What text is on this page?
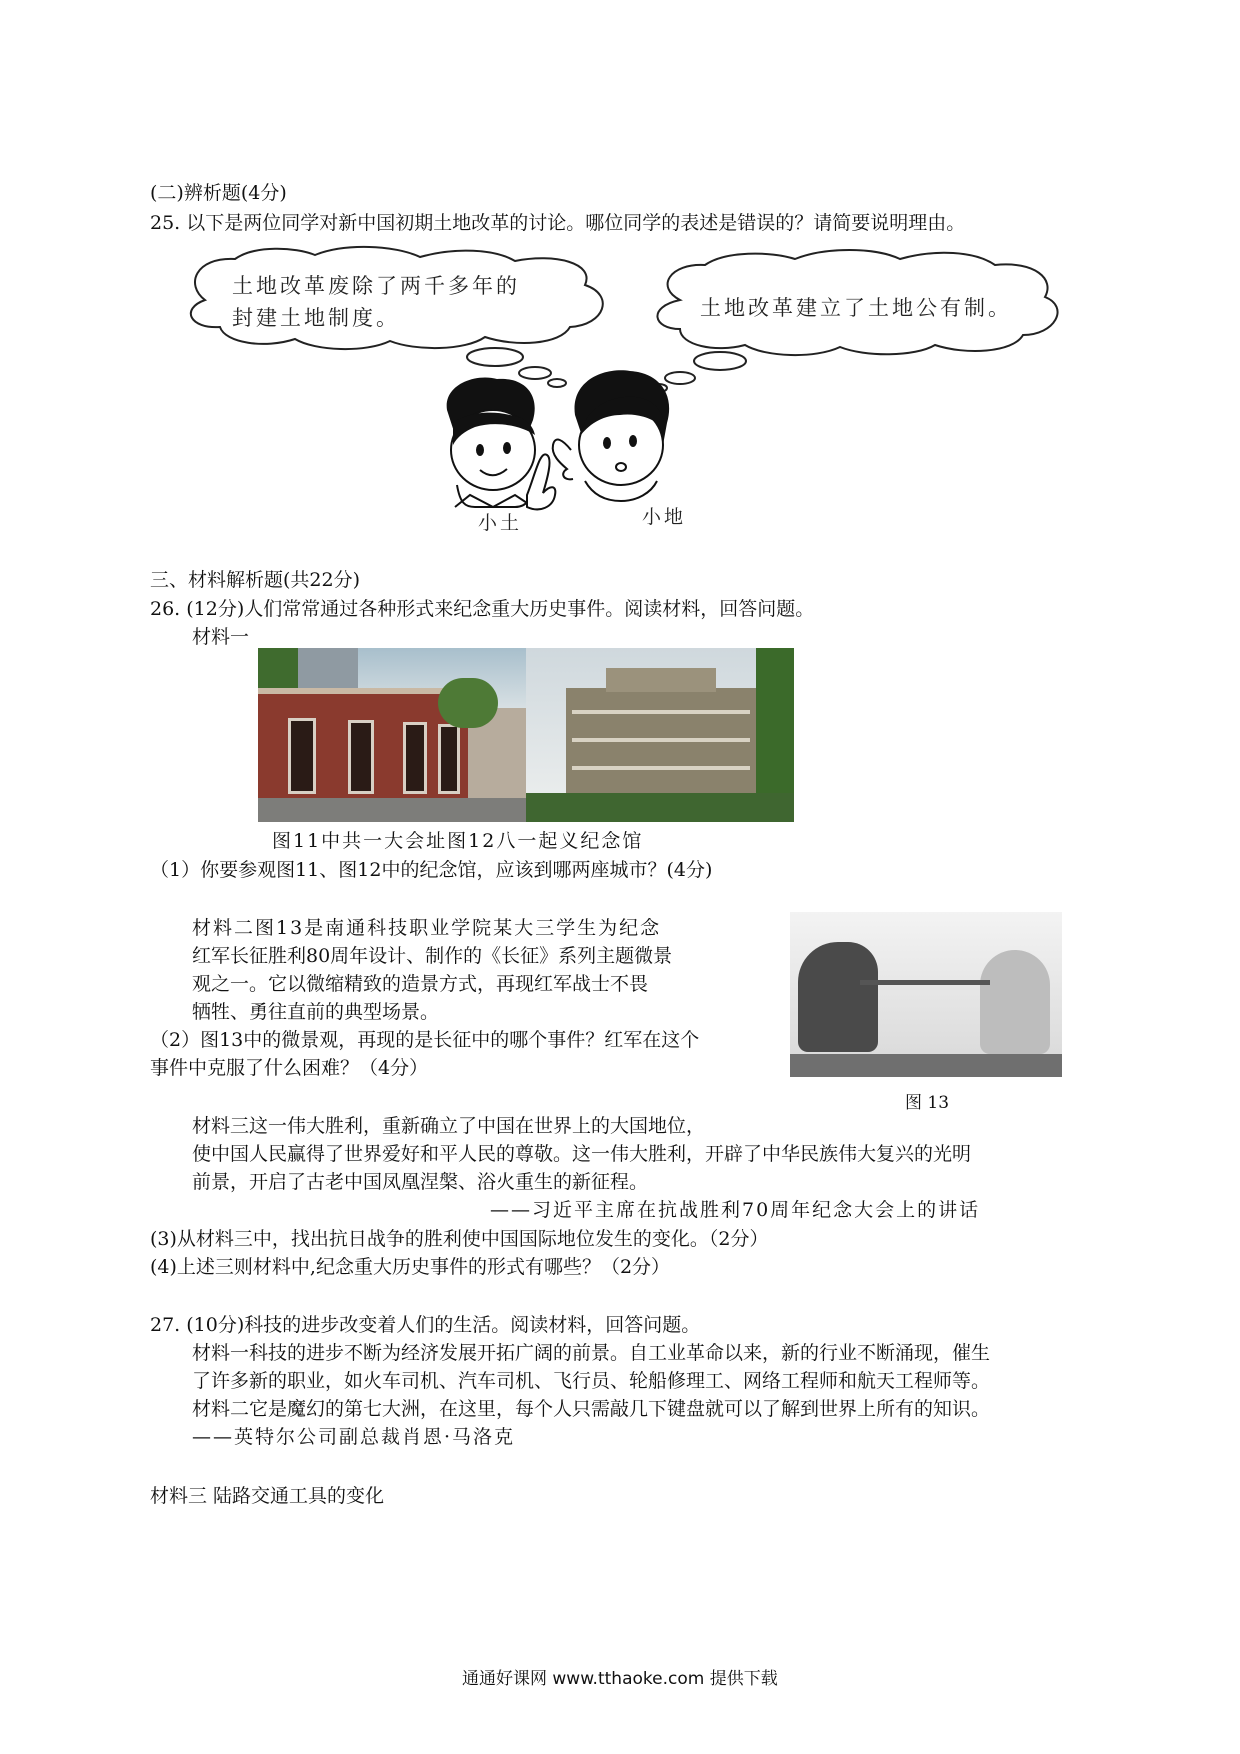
(二)辨析题(4分)
25. 以下是两位同学对新中国初期土地改革的讨论。哪位同学的表述是错误的？请简要说明理由。
土地改革废除了两千多年的
封建土地制度。	土地改革建立了土地公有制。
小土	小地
三、材料解析题(共22分)
26. (12分)人们常常通过各种形式来纪念重大历史事件。阅读材料，回答问题。
材料一
图11中共一大会址图12八一起义纪念馆
（1）你要参观图11、图12中的纪念馆，应该到哪两座城市？(4分)
材料二图13是南通科技职业学院某大三学生为纪念
红军长征胜利80周年设计、制作的《长征》系列主题微景
观之一。它以微缩精致的造景方式，再现红军战士不畏
牺牲、勇往直前的典型场景。
（2）图13中的微景观，再现的是长征中的哪个事件？红军在这个
事件中克服了什么困难？（4分）
图 13
材料三这一伟大胜利，重新确立了中国在世界上的大国地位，
使中国人民赢得了世界爱好和平人民的尊敬。这一伟大胜利，开辟了中华民族伟大复兴的光明
前景，开启了古老中国凤凰涅槃、浴火重生的新征程。
——习近平主席在抗战胜利70周年纪念大会上的讲话
(3)从材料三中，找出抗日战争的胜利使中国国际地位发生的变化。（2分）
(4)上述三则材料中,纪念重大历史事件的形式有哪些？（2分）
27. (10分)科技的进步改变着人们的生活。阅读材料，回答问题。
材料一科技的进步不断为经济发展开拓广阔的前景。自工业革命以来，新的行业不断涌现，催生
了许多新的职业，如火车司机、汽车司机、飞行员、轮船修理工、网络工程师和航天工程师等。
材料二它是魔幻的第七大洲，在这里，每个人只需敲几下键盘就可以了解到世界上所有的知识。
——英特尔公司副总裁肖恩·马洛克
材料三 陆路交通工具的变化
通通好课网 www.tthaoke.com 提供下载
